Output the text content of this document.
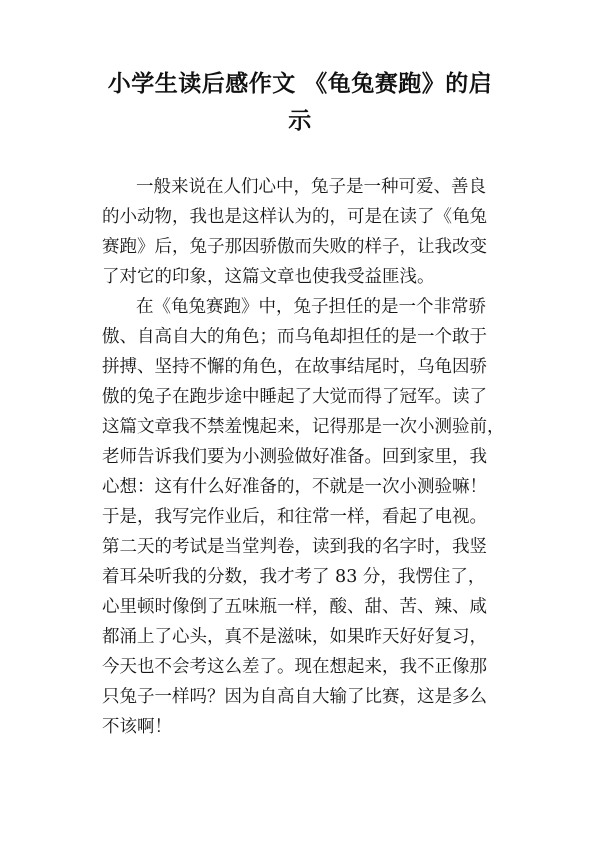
小学生读后感作文 《龟兔赛跑》的启
示
一般来说在人们心中，兔子是一种可爱、善良
的小动物，我也是这样认为的，可是在读了《龟兔
赛跑》后，兔子那因骄傲而失败的样子，让我改变
了对它的印象，这篇文章也使我受益匪浅。
在《龟兔赛跑》中，兔子担任的是一个非常骄
傲、自高自大的角色；而乌龟却担任的是一个敢于
拼搏、坚持不懈的角色，在故事结尾时，乌龟因骄
傲的兔子在跑步途中睡起了大觉而得了冠军。读了
这篇文章我不禁羞愧起来，记得那是一次小测验前，
老师告诉我们要为小测验做好准备。回到家里，我
心想：这有什么好准备的，不就是一次小测验嘛！
于是，我写完作业后，和往常一样，看起了电视。
第二天的考试是当堂判卷，读到我的名字时，我竖
着耳朵听我的分数，我才考了 83 分，我愣住了，
心里顿时像倒了五味瓶一样，酸、甜、苦、辣、咸
都涌上了心头，真不是滋味，如果昨天好好复习，
今天也不会考这么差了。现在想起来，我不正像那
只兔子一样吗？因为自高自大输了比赛，这是多么
不该啊！
